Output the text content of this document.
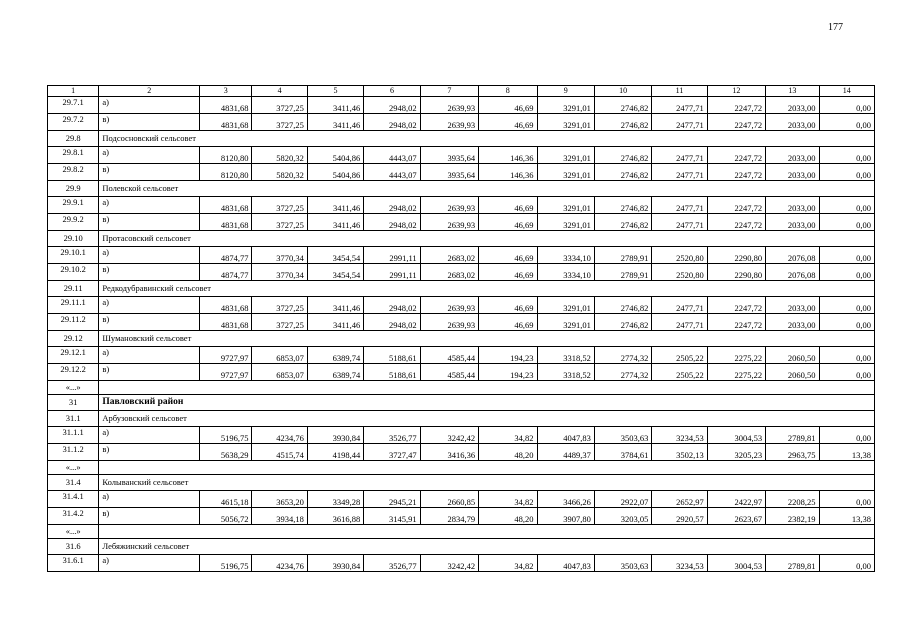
177
1	2	3	4	5	6	7	8	9	10	11	12	13	14
29.7.1	а)	4831,68	3727,25	3411,46	2948,02	2639,93	46,69	3291,01	2746,82	2477,71	2247,72	2033,00	0,00
29.7.2	в)	4831,68	3727,25	3411,46	2948,02	2639,93	46,69	3291,01	2746,82	2477,71	2247,72	2033,00	0,00
29.8	Подсосновский сельсовет												
29.8.1	а)	8120,80	5820,32	5404,86	4443,07	3935,64	146,36	3291,01	2746,82	2477,71	2247,72	2033,00	0,00
29.8.2	в)	8120,80	5820,32	5404,86	4443,07	3935,64	146,36	3291,01	2746,82	2477,71	2247,72	2033,00	0,00
29.9	Полевской сельсовет												
29.9.1	а)	4831,68	3727,25	3411,46	2948,02	2639,93	46,69	3291,01	2746,82	2477,71	2247,72	2033,00	0,00
29.9.2	в)	4831,68	3727,25	3411,46	2948,02	2639,93	46,69	3291,01	2746,82	2477,71	2247,72	2033,00	0,00
29.10	Протасовский сельсовет												
29.10.1	а)	4874,77	3770,34	3454,54	2991,11	2683,02	46,69	3334,10	2789,91	2520,80	2290,80	2076,08	0,00
29.10.2	в)	4874,77	3770,34	3454,54	2991,11	2683,02	46,69	3334,10	2789,91	2520,80	2290,80	2076,08	0,00
29.11	Редкодубравинский сельсовет												
29.11.1	а)	4831,68	3727,25	3411,46	2948,02	2639,93	46,69	3291,01	2746,82	2477,71	2247,72	2033,00	0,00
29.11.2	в)	4831,68	3727,25	3411,46	2948,02	2639,93	46,69	3291,01	2746,82	2477,71	2247,72	2033,00	0,00
29.12	Шумановский сельсовет												
29.12.1	а)	9727,97	6853,07	6389,74	5188,61	4585,44	194,23	3318,52	2774,32	2505,22	2275,22	2060,50	0,00
29.12.2	в)	9727,97	6853,07	6389,74	5188,61	4585,44	194,23	3318,52	2774,32	2505,22	2275,22	2060,50	0,00
«...»													
31	Павловский район												
31.1	Арбузовский сельсовет												
31.1.1	а)	5196,75	4234,76	3930,84	3526,77	3242,42	34,82	4047,83	3503,63	3234,53	3004,53	2789,81	0,00
31.1.2	в)	5638,29	4515,74	4198,44	3727,47	3416,36	48,20	4489,37	3784,61	3502,13	3205,23	2963,75	13,38
«...»													
31.4	Колыванский сельсовет												
31.4.1	а)	4615,18	3653,20	3349,28	2945,21	2660,85	34,82	3466,26	2922,07	2652,97	2422,97	2208,25	0,00
31.4.2	в)	5056,72	3934,18	3616,88	3145,91	2834,79	48,20	3907,80	3203,05	2920,57	2623,67	2382,19	13,38
«...»													
31.6	Лебяжинский сельсовет												
31.6.1	а)	5196,75	4234,76	3930,84	3526,77	3242,42	34,82	4047,83	3503,63	3234,53	3004,53	2789,81	0,00
